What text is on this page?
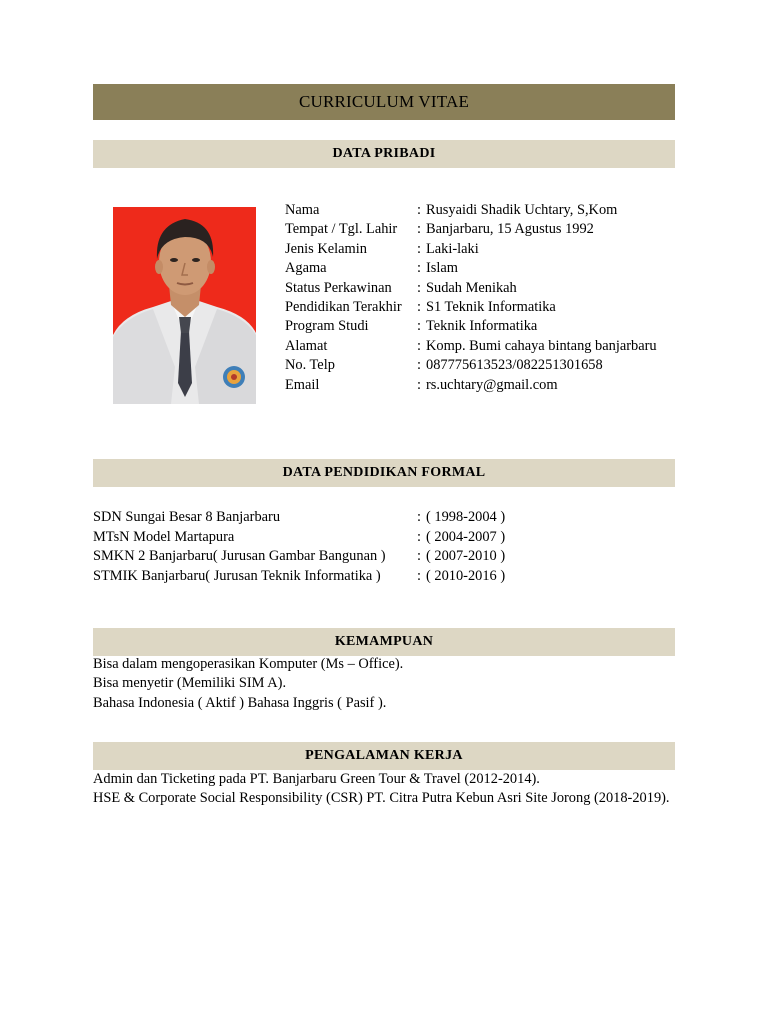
CURRICULUM VITAE
DATA PRIBADI
Nama	: Rusyaidi Shadik Uchtary, S,Kom
Tempat / Tgl. Lahir : Banjarbaru, 15 Agustus 1992
Jenis Kelamin	: Laki-laki
Agama	: Islam
Status Perkawinan : Sudah Menikah
Pendidikan Terakhir : S1 Teknik Informatika
Program Studi	: Teknik Informatika
Alamat	: Komp. Bumi cahaya bintang banjarbaru
No. Telp	: 087775613523/082251301658
Email	: rs.uchtary@gmail.com
DATA PENDIDIKAN FORMAL
SDN Sungai Besar 8 Banjarbaru	: ( 1998-2004 )
MTsN Model Martapura	: ( 2004-2007 )
SMKN 2 Banjarbaru( Jurusan Gambar Bangunan ) : ( 2007-2010 )
STMIK Banjarbaru( Jurusan Teknik Informatika )	: ( 2010-2016 )
KEMAMPUAN
Bisa dalam mengoperasikan Komputer (Ms – Office).
Bisa menyetir (Memiliki SIM A).
Bahasa Indonesia ( Aktif ) Bahasa Inggris ( Pasif ).
PENGALAMAN KERJA
Admin dan Ticketing pada PT. Banjarbaru Green Tour & Travel (2012-2014).
HSE & Corporate Social Responsibility (CSR) PT. Citra Putra Kebun Asri Site Jorong (2018-2019).
